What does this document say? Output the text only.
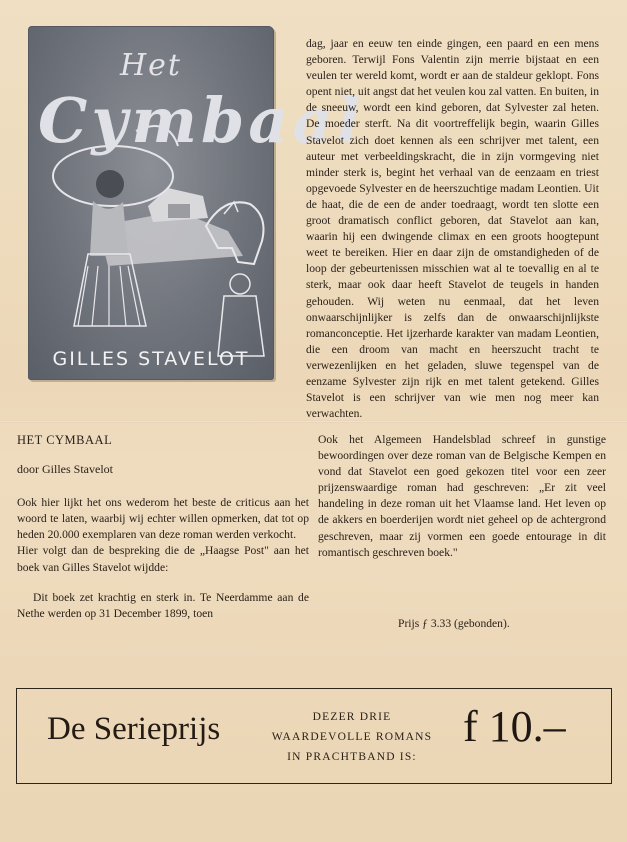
Het
Cymbaal
GILLES STAVELOT

dag, jaar en eeuw ten einde gingen, een paard en een mens geboren. Terwijl Fons Valentin zijn merrie bijstaat en een veulen ter wereld komt, wordt er aan de staldeur geklopt. Fons opent niet, uit angst dat het veulen kou zal vatten. En buiten, in de sneeuw, wordt een kind geboren, dat Sylvester zal heten. De moeder sterft. Na dit voortreffelijk begin, waarin Gilles Stavelot zich doet kennen als een schrijver met talent, een auteur met verbeeldingskracht, die in zijn vormgeving niet minder sterk is, begint het verhaal van de eenzaam en triest opgevoede Sylvester en de heerszuchtige madam Leontien. Uit de haat, die de een de ander toedraagt, wordt ten slotte een groot dramatisch conflict geboren, dat Stavelot aan kan, waarin hij een dwingende climax en een groots hoogtepunt weet te bereiken. Hier en daar zijn de omstandigheden of de loop der gebeurtenissen misschien wat al te toevallig en al te sterk, maar ook daar heeft Stavelot de teugels in handen gehouden. Wij weten nu eenmaal, dat het leven onwaarschijnlijker is zelfs dan de onwaarschijnlijkste romanconceptie. Het ijzerharde karakter van madam Leontien, die een droom van macht en heerszucht tracht te verwezenlijken en het geladen, sluwe tegenspel van de eenzame Sylvester zijn rijk en met talent getekend. Gilles Stavelot is een schrijver van wie men nog meer kan verwachten.

HET CYMBAAL

door Gilles Stavelot

Ook hier lijkt het ons wederom het beste de criticus aan het woord te laten, waarbij wij echter willen opmerken, dat tot op heden 20.000 exemplaren van deze roman werden verkocht.

Hier volgt dan de bespreking die de „Haagse Post" aan het boek van Gilles Stavelot wijdde:

Dit boek zet krachtig en sterk in. Te Neerdamme aan de Nethe werden op 31 December 1899, toen

Ook het Algemeen Handelsblad schreef in gunstige bewoordingen over deze roman van de Belgische Kempen en vond dat Stavelot een goed gekozen titel voor een zeer prijzenswaardige roman had geschreven: „Er zit veel handeling in deze roman uit het Vlaamse land. Het leven op de akkers en boerderijen wordt niet geheel op de achtergrond geschreven, maar zij vormen een goede entourage in dit romantisch geschreven boek."

Prijs ƒ 3.33 (gebonden).
De Serieprijs	DEZER DRIE
WAARDEVOLLE ROMANS
IN PRACHTBAND IS:
f 10.–
